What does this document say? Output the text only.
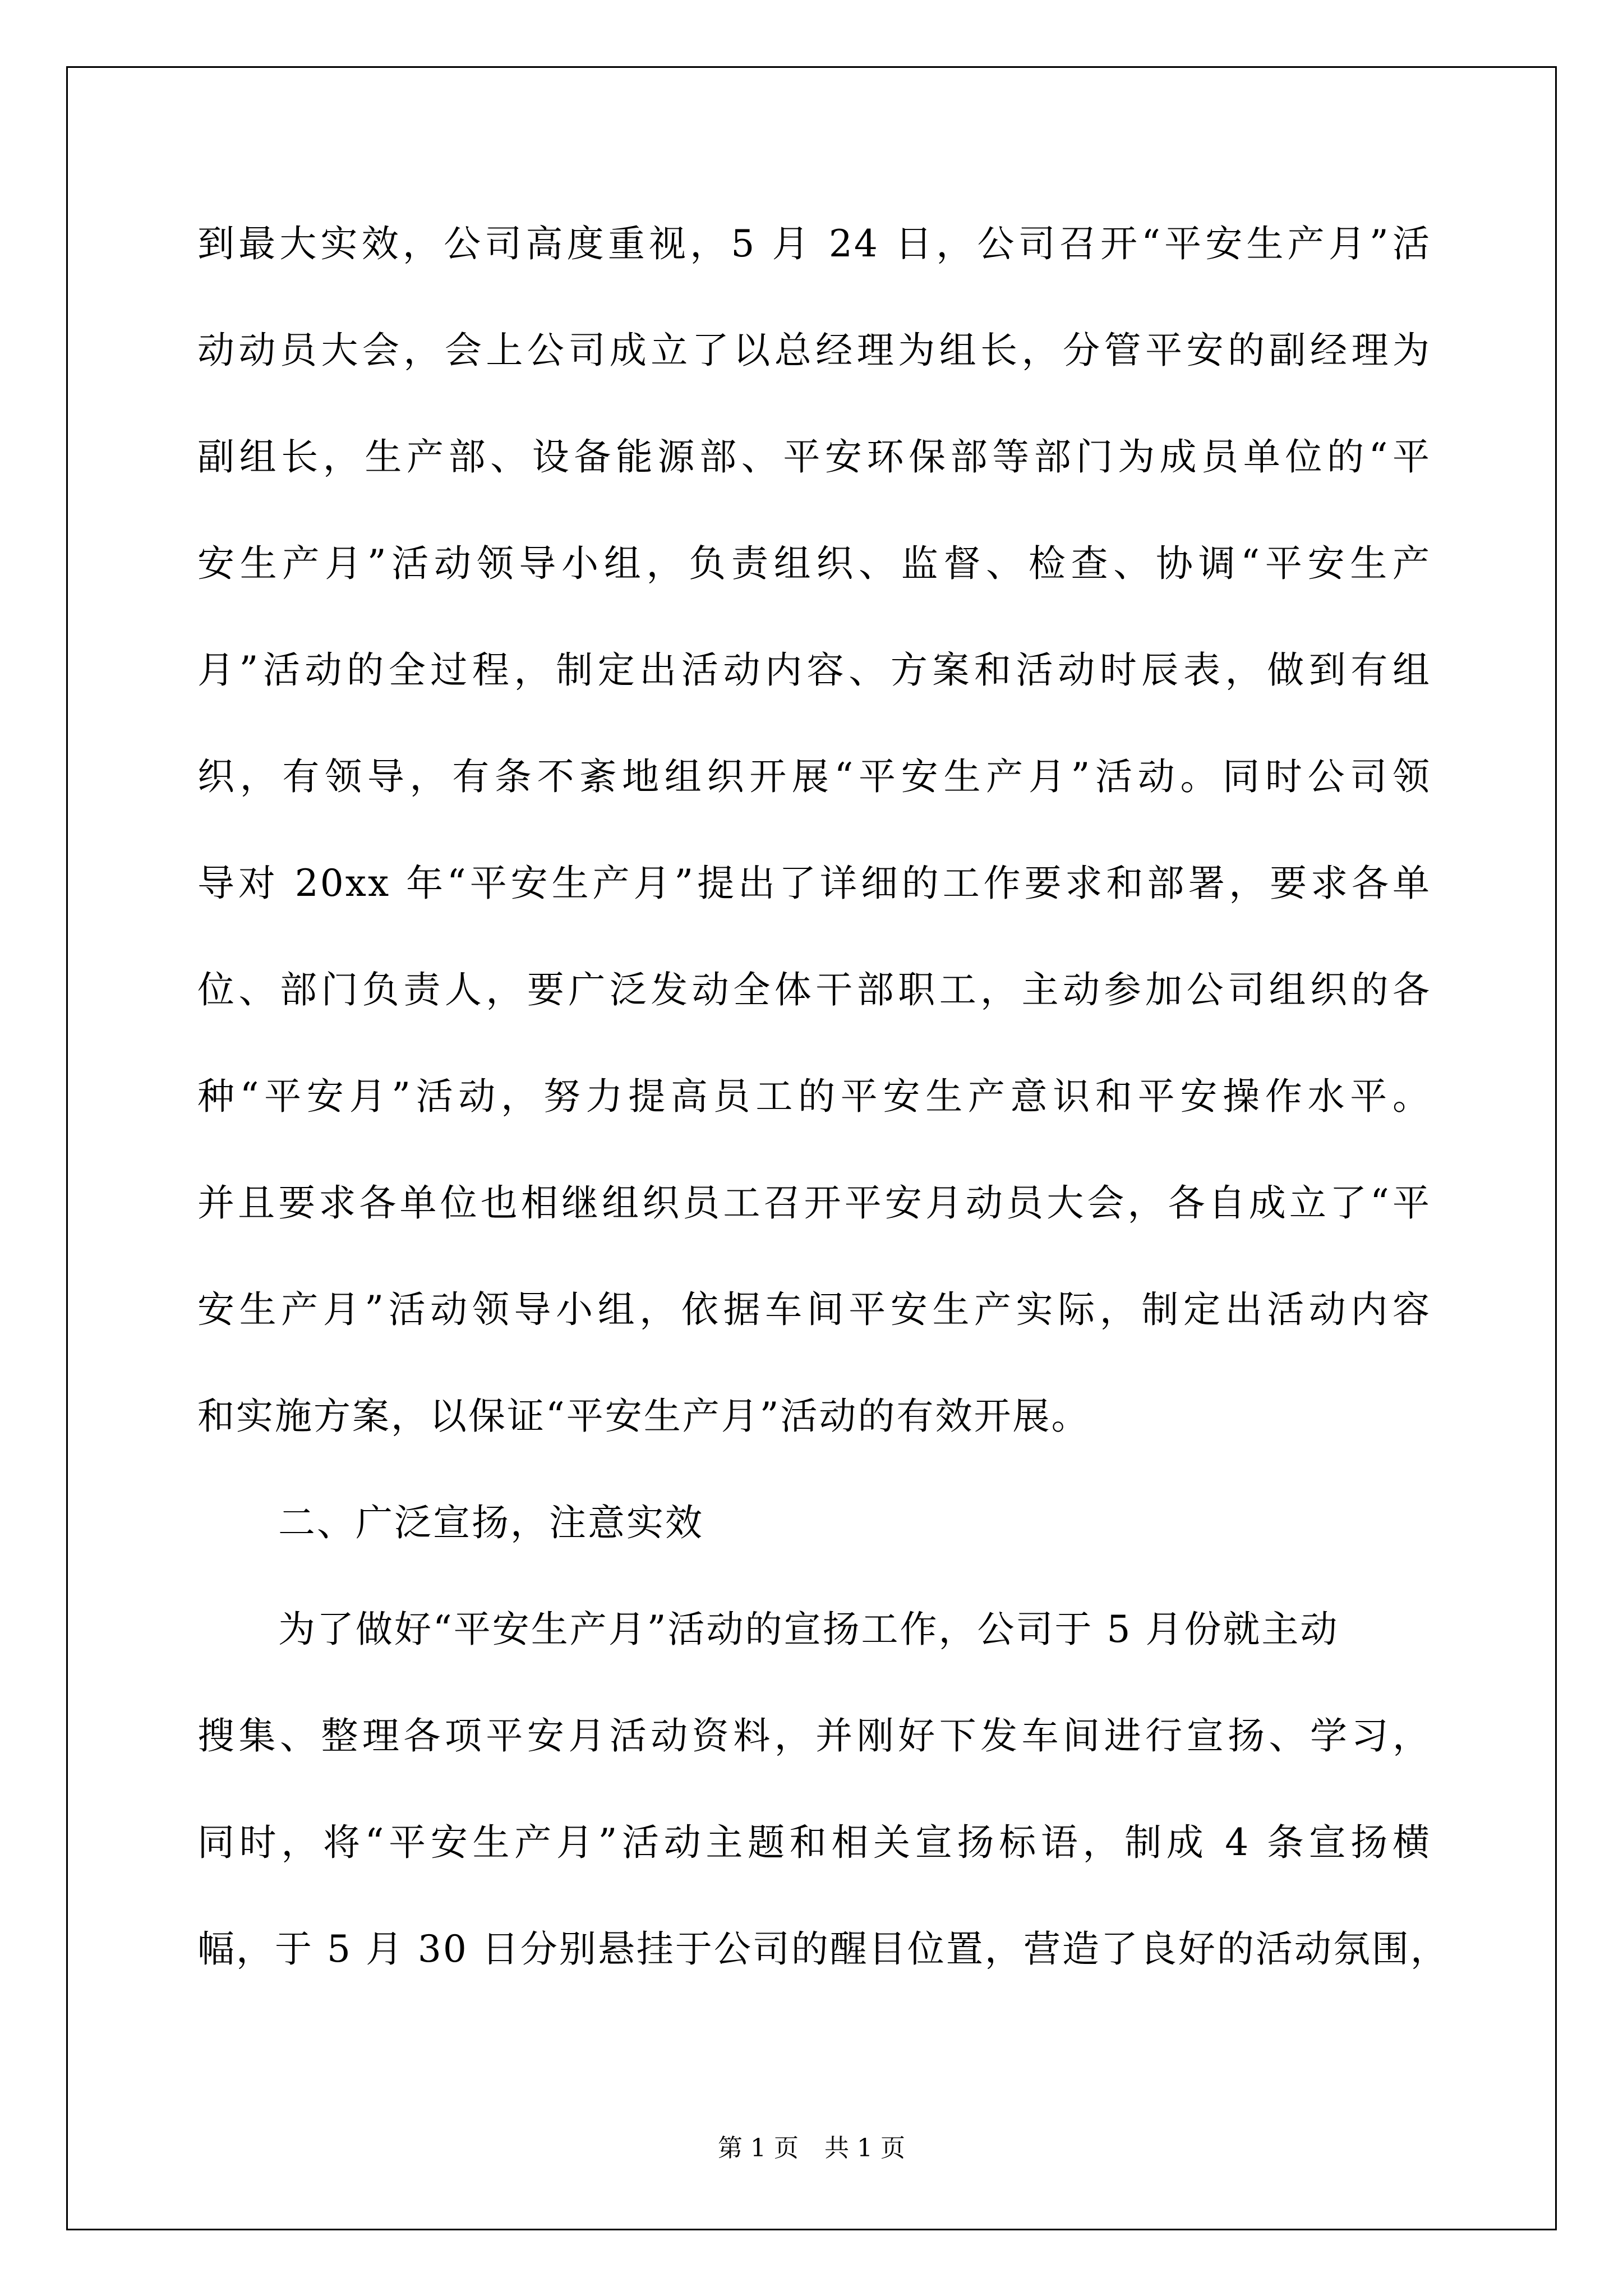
到最大实效，公司高度重视，5 月 24 日，公司召开“平安生产月”活
动动员大会，会上公司成立了以总经理为组长，分管平安的副经理为
副组长，生产部、设备能源部、平安环保部等部门为成员单位的“平
安生产月”活动领导小组，负责组织、监督、检查、协调“平安生产
月”活动的全过程，制定出活动内容、方案和活动时辰表，做到有组
织，有领导，有条不紊地组织开展“平安生产月”活动。同时公司领
导对 20xx 年“平安生产月”提出了详细的工作要求和部署，要求各单
位、部门负责人，要广泛发动全体干部职工，主动参加公司组织的各
种“平安月”活动，努力提高员工的平安生产意识和平安操作水平。
并且要求各单位也相继组织员工召开平安月动员大会，各自成立了“平
安生产月”活动领导小组，依据车间平安生产实际，制定出活动内容
和实施方案，以保证“平安生产月”活动的有效开展。
二、广泛宣扬，注意实效
为了做好“平安生产月”活动的宣扬工作，公司于 5 月份就主动
搜集、整理各项平安月活动资料，并刚好下发车间进行宣扬、学习，
同时，将“平安生产月”活动主题和相关宣扬标语，制成 4 条宣扬横
幅，于 5 月 30 日分别悬挂于公司的醒目位置，营造了良好的活动氛围，
第 1 页 共 1 页
